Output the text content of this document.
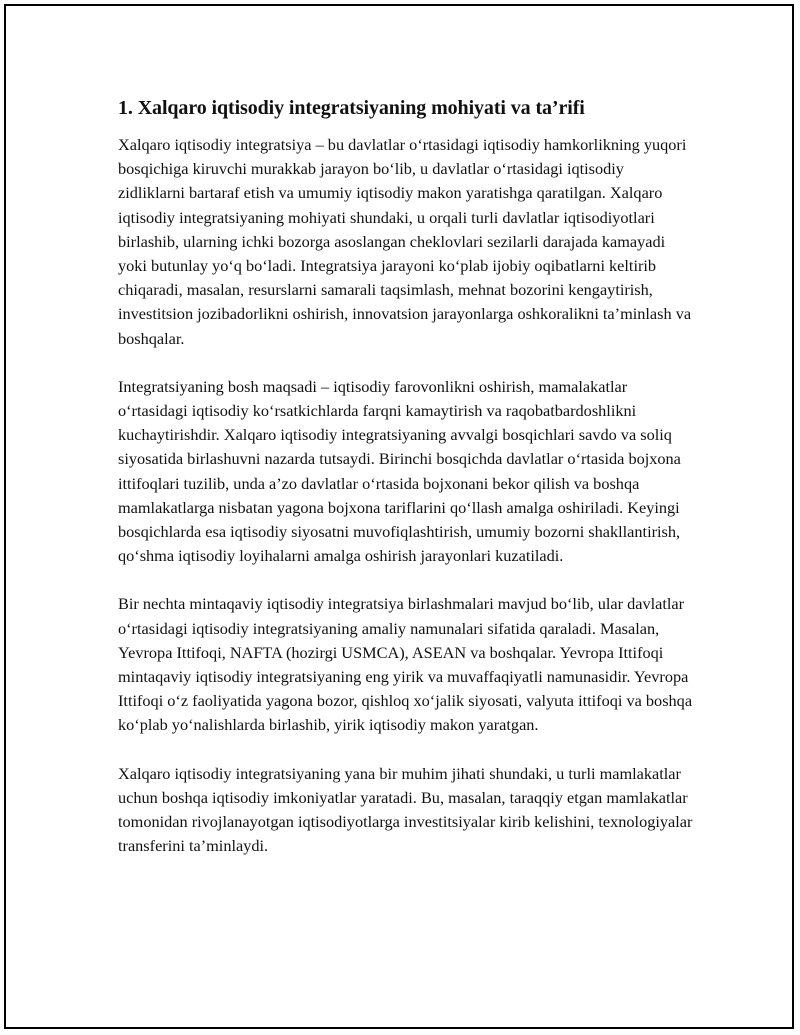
1. Xalqaro iqtisodiy integratsiyaning mohiyati va ta’rifi

Xalqaro iqtisodiy integratsiya – bu davlatlar oʻrtasidagi iqtisodiy hamkorlikning yuqori bosqichiga kiruvchi murakkab jarayon boʻlib, u davlatlar oʻrtasidagi iqtisodiy zidliklarni bartaraf etish va umumiy iqtisodiy makon yaratishga qaratilgan. Xalqaro iqtisodiy integratsiyaning mohiyati shundaki, u orqali turli davlatlar iqtisodiyotlari birlashib, ularning ichki bozorga asoslangan cheklovlari sezilarli darajada kamayadi yoki butunlay yoʻq boʻladi. Integratsiya jarayoni koʻplab ijobiy oqibatlarni keltirib chiqaradi, masalan, resurslarni samarali taqsimlash, mehnat bozorini kengaytirish, investitsion jozibadorlikni oshirish, innovatsion jarayonlarga oshkoralikni ta’minlash va boshqalar.

Integratsiyaning bosh maqsadi – iqtisodiy farovonlikni oshirish, mamalakatlar oʻrtasidagi iqtisodiy koʻrsatkichlarda farqni kamaytirish va raqobatbardoshlikni kuchaytirishdir. Xalqaro iqtisodiy integratsiyaning avvalgi bosqichlari savdo va soliq siyosatida birlashuvni nazarda tutsaydi. Birinchi bosqichda davlatlar oʻrtasida bojxona ittifoqlari tuzilib, unda a’zo davlatlar oʻrtasida bojxonani bekor qilish va boshqa mamlakatlarga nisbatan yagona bojxona tariflarini qoʻllash amalga oshiriladi. Keyingi bosqichlarda esa iqtisodiy siyosatni muvofiqlashtirish, umumiy bozorni shakllantirish, qoʻshma iqtisodiy loyihalarni amalga oshirish jarayonlari kuzatiladi.

Bir nechta mintaqaviy iqtisodiy integratsiya birlashmalari mavjud boʻlib, ular davlatlar oʻrtasidagi iqtisodiy integratsiyaning amaliy namunalari sifatida qaraladi. Masalan, Yevropa Ittifoqi, NAFTA (hozirgi USMCA), ASEAN va boshqalar. Yevropa Ittifoqi mintaqaviy iqtisodiy integratsiyaning eng yirik va muvaffaqiyatli namunasidir. Yevropa Ittifoqi oʻz faoliyatida yagona bozor, qishloq xoʻjalik siyosati, valyuta ittifoqi va boshqa koʻplab yoʻnalishlarda birlashib, yirik iqtisodiy makon yaratgan.

Xalqaro iqtisodiy integratsiyaning yana bir muhim jihati shundaki, u turli mamlakatlar uchun boshqa iqtisodiy imkoniyatlar yaratadi. Bu, masalan, taraqqiy etgan mamlakatlar tomonidan rivojlanayotgan iqtisodiyotlarga investitsiyalar kirib kelishini, texnologiyalar transferini ta’minlaydi.
